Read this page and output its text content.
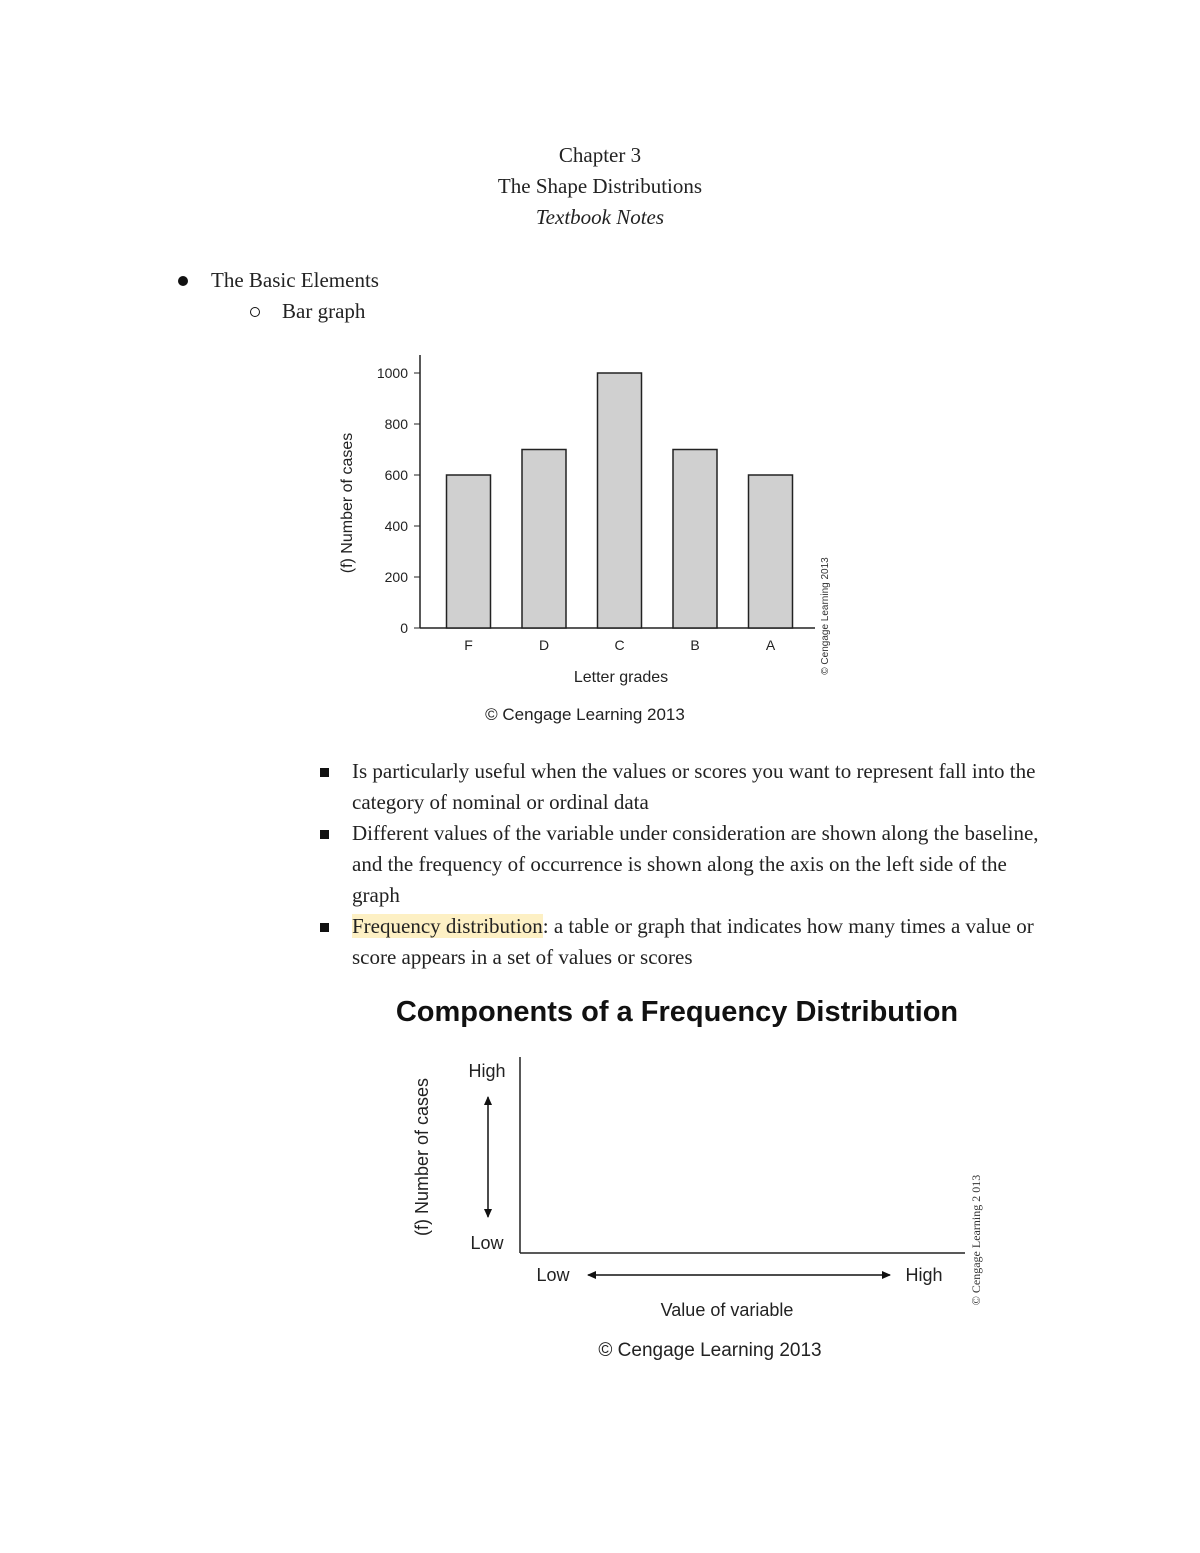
Chapter 3
The Shape Distributions
Textbook Notes
The Basic Elements
Bar graph
0
200
400
600
800
1000
F	D	C	B	A
(f) Number of cases
Letter grades
© Cengage Learning 2013
© Cengage Learning 2013
Is particularly useful when the values or scores you want to represent fall into the category of nominal or ordinal data
Different values of the variable under consideration are shown along the baseline, and the frequency of occurrence is shown along the axis on the left side of the graph
Frequency distribution: a table or graph that indicates how many times a value or score appears in a set of values or scores
Components of a Frequency Distribution
(f) Number of cases
High
Low
Low	High
Value of variable
© Cengage Learning 2013
© Cengage Learning 2 013
